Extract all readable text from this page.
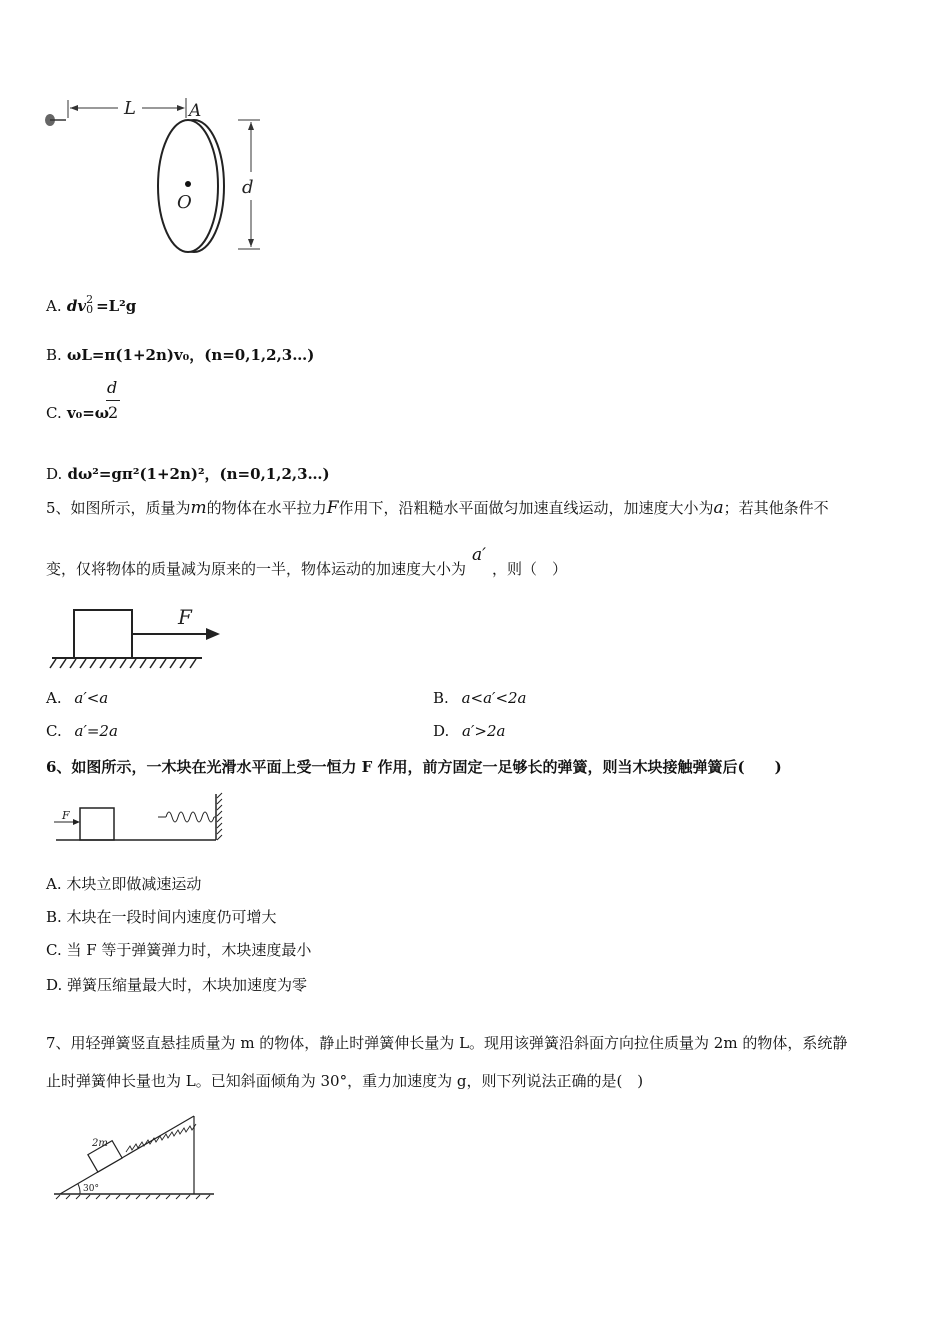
L	A
O
d
A. dv 2
0 =L²g
B. ωL=π(1+2n)v₀，(n=0,1,2,3…)
C. v₀=ω
d
2
D. dω²=gπ²(1+2n)²，(n=0,1,2,3…)
5、如图所示，质量为m的物体在水平拉力F作用下，沿粗糙水平面做匀加速直线运动，加速度大小为a；若其他条件不
变，仅将物体的质量减为原来的一半，物体运动的加速度大小为a′，则（　）
F
A. a′<a	B. a<a′<2a
C. a′=2a	D. a′>2a
6、如图所示，一木块在光滑水平面上受一恒力 F 作用，前方固定一足够长的弹簧，则当木块接触弹簧后(　　)
F
A. 木块立即做减速运动
B. 木块在一段时间内速度仍可增大
C. 当 F 等于弹簧弹力时，木块速度最小
D. 弹簧压缩量最大时，木块加速度为零
7、用轻弹簧竖直悬挂质量为 m 的物体，静止时弹簧伸长量为 L。现用该弹簧沿斜面方向拉住质量为 2m 的物体，系统静
止时弹簧伸长量也为 L。已知斜面倾角为 30°，重力加速度为 g，则下列说法正确的是(　)
30°
2m
